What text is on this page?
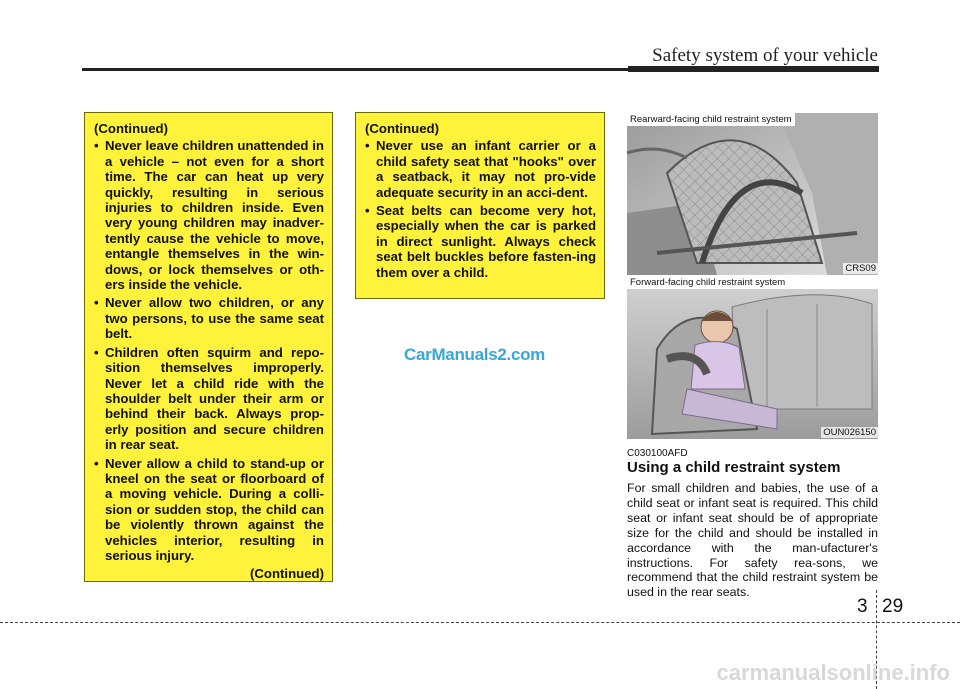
Safety system of your vehicle
(Continued)
• Never leave children unattended in a vehicle – not even for a short time. The car can heat up very quickly, resulting in serious injuries to children inside. Even very young children may inadver-tently cause the vehicle to move, entangle themselves in the win-dows, or lock themselves or oth-ers inside the vehicle.
• Never allow two children, or any two persons, to use the same seat belt.
• Children often squirm and repo-sition themselves improperly. Never let a child ride with the shoulder belt under their arm or behind their back. Always prop-erly position and secure children in rear seat.
• Never allow a child to stand-up or kneel on the seat or floorboard of a moving vehicle. During a colli-sion or sudden stop, the child can be violently thrown against the vehicles interior, resulting in serious injury.
(Continued)
(Continued)
• Never use an infant carrier or a child safety seat that "hooks" over a seatback, it may not pro-vide adequate security in an acci-dent.
• Seat belts can become very hot, especially when the car is parked in direct sunlight. Always check seat belt buckles before fasten-ing them over a child.
CarManuals2.com
Rearward-facing child restraint system
CRS09
Forward-facing child restraint system
OUN026150
C030100AFD
Using a child restraint system

For small children and babies, the use of a child seat or infant seat is required. This child seat or infant seat should be of appropriate size for the child and should be installed in accordance with the man-ufacturer's instructions. For safety rea-sons, we recommend that the child restraint system be used in the rear seats.

3 29
carmanualsonline.info
